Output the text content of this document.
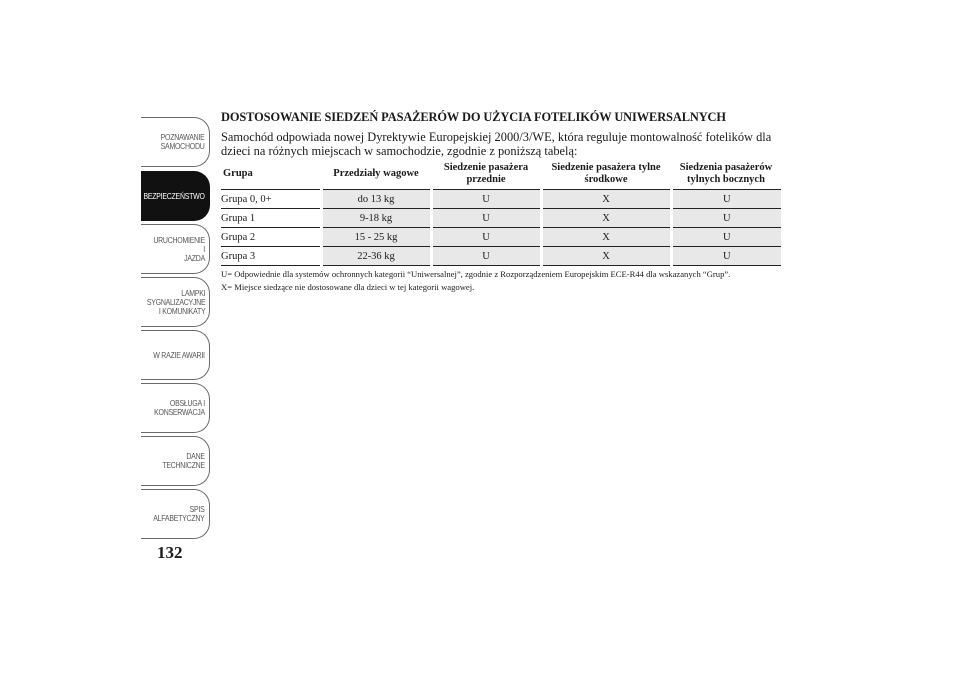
POZNAWANIE
SAMOCHODU
BEZPIECZEŃSTWO
URUCHOMIENIE I
JAZDA
LAMPKI
SYGNALIZACYJNE
I KOMUNIKATY
W RAZIE AWARII
OBSŁUGA I
KONSERWACJA
DANE
TECHNICZNE
SPIS
ALFABETYCZNY
132
DOSTOSOWANIE SIEDZEŃ PASAŻERÓW DO UŻYCIA FOTELIKÓW UNIWERSALNYCH

Samochód odpowiada nowej Dyrektywie Europejskiej 2000/3/WE, która reguluje montowalność fotelików dla dzieci na różnych miejscach w samochodzie, zgodnie z poniższą tabelą:

Grupa	Przedziały wagowe	Siedzenie pasażera przednie	Siedzenie pasażera tylne środkowe	Siedzenia pasażerów tylnych bocznych
Grupa 0, 0+	do 13 kg	U	X	U
Grupa 1	9-18 kg	U	X	U
Grupa 2	15 - 25 kg	U	X	U
Grupa 3	22-36 kg	U	X	U

U= Odpowiednie dla systemów ochronnych kategorii “Uniwersalnej”, zgodnie z Rozporządzeniem Europejskim ECE-R44 dla wskazanych “Grup”.

X= Miejsce siedzące nie dostosowane dla dzieci w tej kategorii wagowej.
